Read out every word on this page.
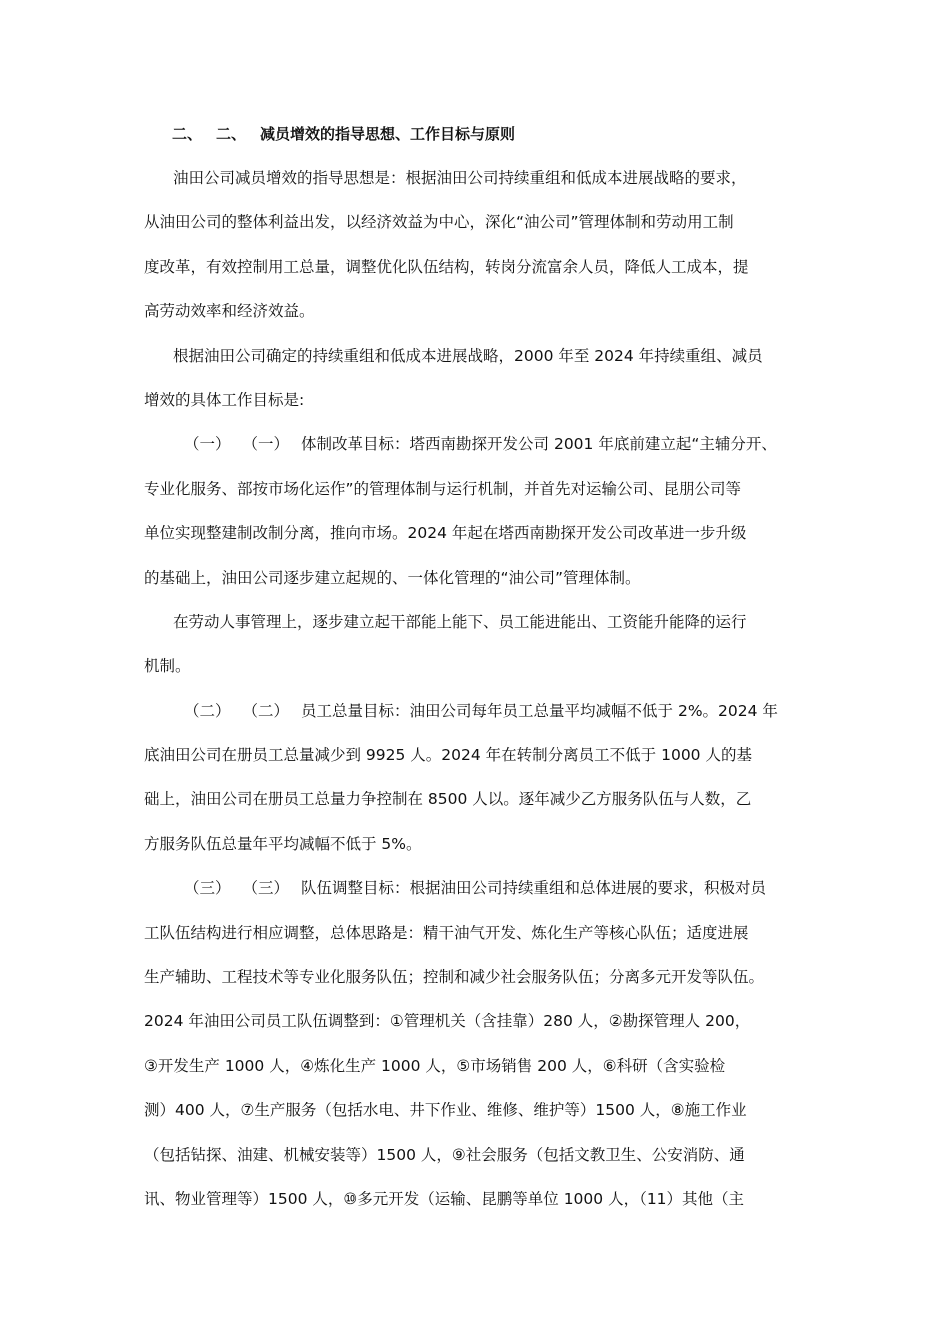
二、 二、 减员增效的指导思想、工作目标与原则
油田公司减员增效的指导思想是：根据油田公司持续重组和低成本进展战略的要求，
从油田公司的整体利益出发，以经济效益为中心，深化“油公司”管理体制和劳动用工制
度改革，有效控制用工总量，调整优化队伍结构，转岗分流富余人员，降低人工成本，提
高劳动效率和经济效益。
根据油田公司确定的持续重组和低成本进展战略，2000 年至 2024 年持续重组、减员
增效的具体工作目标是:
（一） （一） 体制改革目标：塔西南勘探开发公司 2001 年底前建立起“主辅分开、
专业化服务、部按市场化运作”的管理体制与运行机制，并首先对运输公司、昆朋公司等
单位实现整建制改制分离，推向市场。2024 年起在塔西南勘探开发公司改革进一步升级
的基础上，油田公司逐步建立起规的、一体化管理的“油公司”管理体制。
在劳动人事管理上，逐步建立起干部能上能下、员工能进能出、工资能升能降的运行
机制。
（二） （二） 员工总量目标：油田公司每年员工总量平均减幅不低于 2%。2024 年
底油田公司在册员工总量减少到 9925 人。2024 年在转制分离员工不低于 1000 人的基
础上，油田公司在册员工总量力争控制在 8500 人以。逐年减少乙方服务队伍与人数，乙
方服务队伍总量年平均减幅不低于 5%。
（三） （三） 队伍调整目标：根据油田公司持续重组和总体进展的要求，积极对员
工队伍结构进行相应调整，总体思路是：精干油气开发、炼化生产等核心队伍；适度进展
生产辅助、工程技术等专业化服务队伍；控制和减少社会服务队伍；分离多元开发等队伍。
2024 年油田公司员工队伍调整到：①管理机关（含挂靠）280 人，②勘探管理人 200，
③开发生产 1000 人，④炼化生产 1000 人，⑤市场销售 200 人，⑥科研（含实验检
测）400 人，⑦生产服务（包括水电、井下作业、维修、维护等）1500 人，⑧施工作业
（包括钻探、油建、机械安装等）1500 人，⑨社会服务（包括文教卫生、公安消防、通
讯、物业管理等）1500 人，⑩多元开发（运输、昆鹏等单位 1000 人，（11）其他（主
